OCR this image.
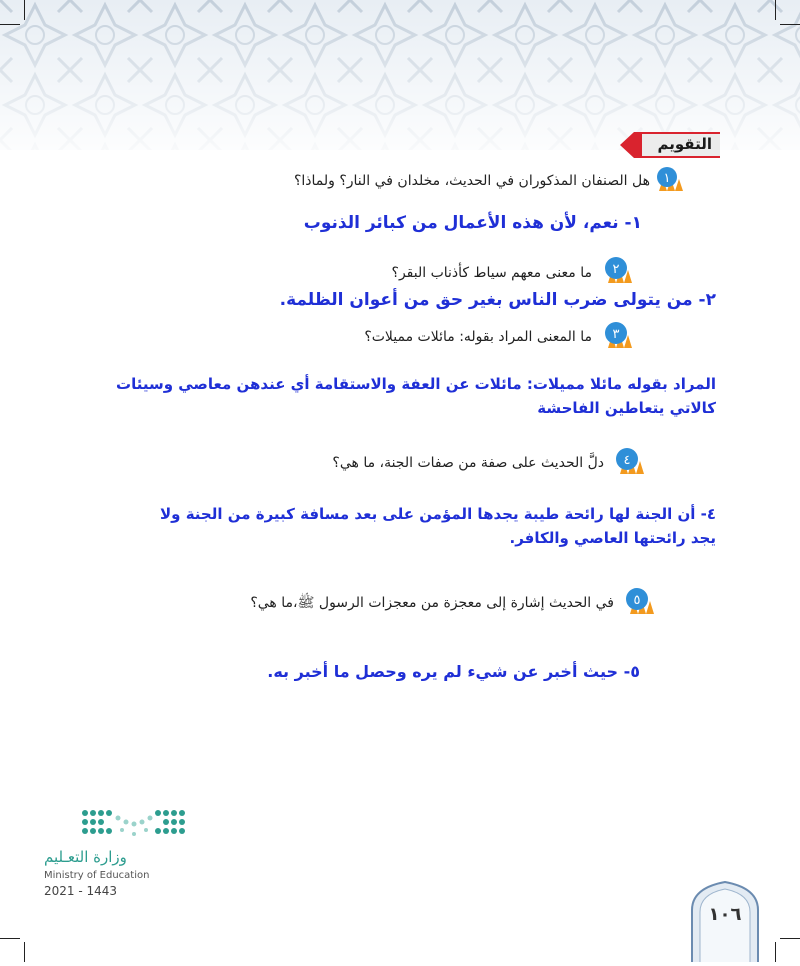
التقويم
هل الصنفان المذكوران في الحديث، مخلدان في النار؟ ولماذا؟ ١
١- نعم، لأن هذه الأعمال من كبائر الذنوب
ما معنى معهم سياط كأذناب البقر؟ ٢
٢- من يتولى ضرب الناس بغير حق من أعوان الظلمة.
ما المعنى المراد بقوله: مائلات مميلات؟ ٣
المراد بقوله مائلا مميلات: مائلات عن العفة والاستقامة أي عندهن معاصي وسيئات
كالاتي يتعاطين الفاحشة
دلَّ الحديث على صفة من صفات الجنة، ما هي؟ ٤
٤- أن الجنة لها رائحة طيبة يجدها المؤمن على بعد مسافة كبيرة من الجنة ولا
يجد رائحتها العاصي والكافر.
في الحديث إشارة إلى معجزة من معجزات الرسول ﷺ،ما هي؟ ٥
٥- حيث أخبر عن شيء لم يره وحصل ما أخبر به.
وزارة التعـليم
Ministry of Education
2021 - 1443
١٠٦
